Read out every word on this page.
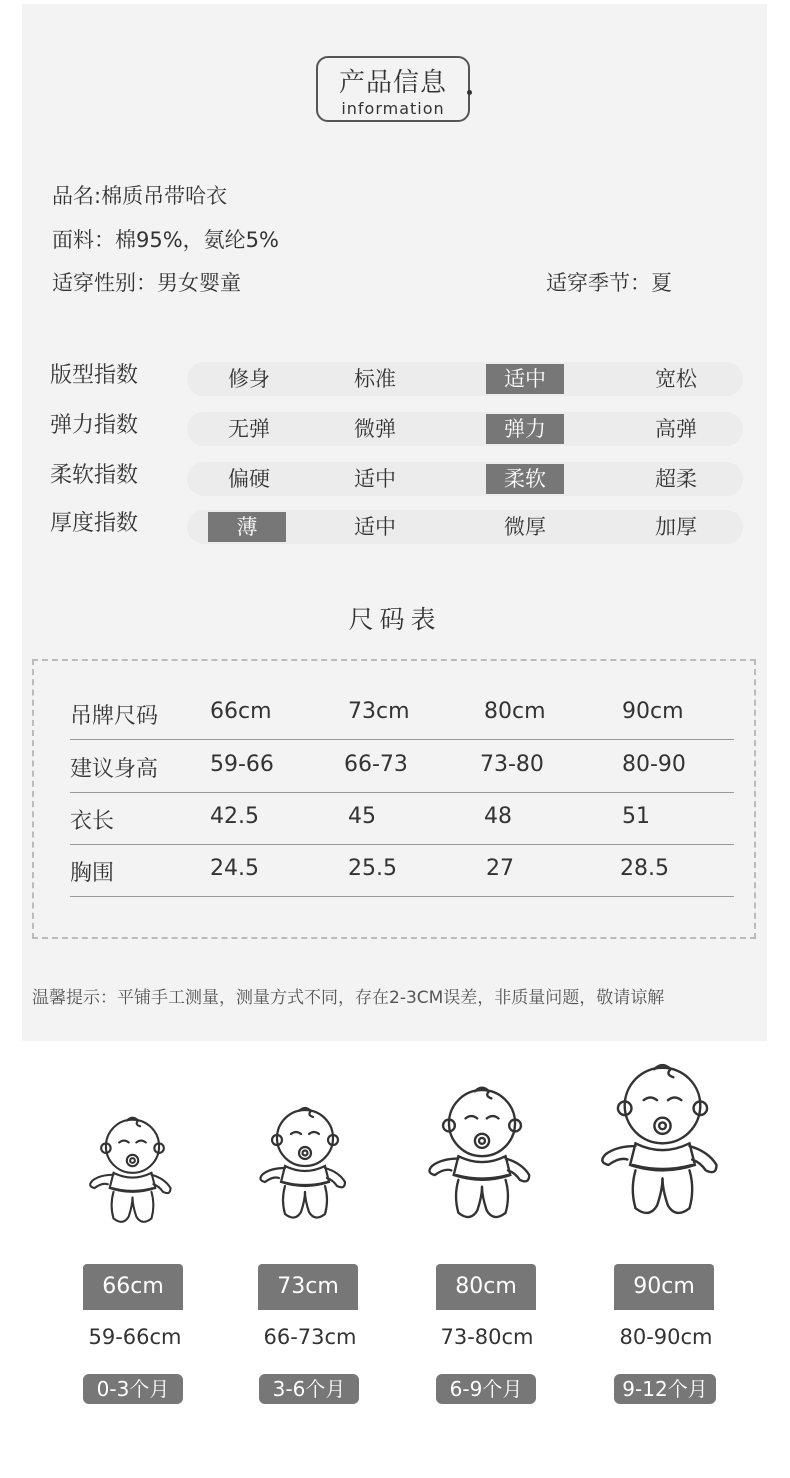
产品信息
information
品名:棉质吊带哈衣
面料：棉95%，氨纶5%
适穿性别：男女婴童	适穿季节：夏
版型指数	修身	标准	适中	宽松
弹力指数	无弹	微弹	弹力	高弹
柔软指数	偏硬	适中	柔软	超柔
厚度指数	薄	适中	微厚	加厚
尺码表
吊牌尺码 66cm	73cm	80cm	90cm
建议身高 59-66	66-73	73-80	80-90
衣长	42.5	45	48	51
胸围	24.5	25.5	27	28.5
温馨提示：平铺手工测量，测量方式不同，存在2-3CM误差，非质量问题，敬请谅解
66cm	73cm	80cm	90cm
59-66cm	66-73cm	73-80cm	80-90cm
0-3个月	3-6个月	6-9个月	9-12个月
